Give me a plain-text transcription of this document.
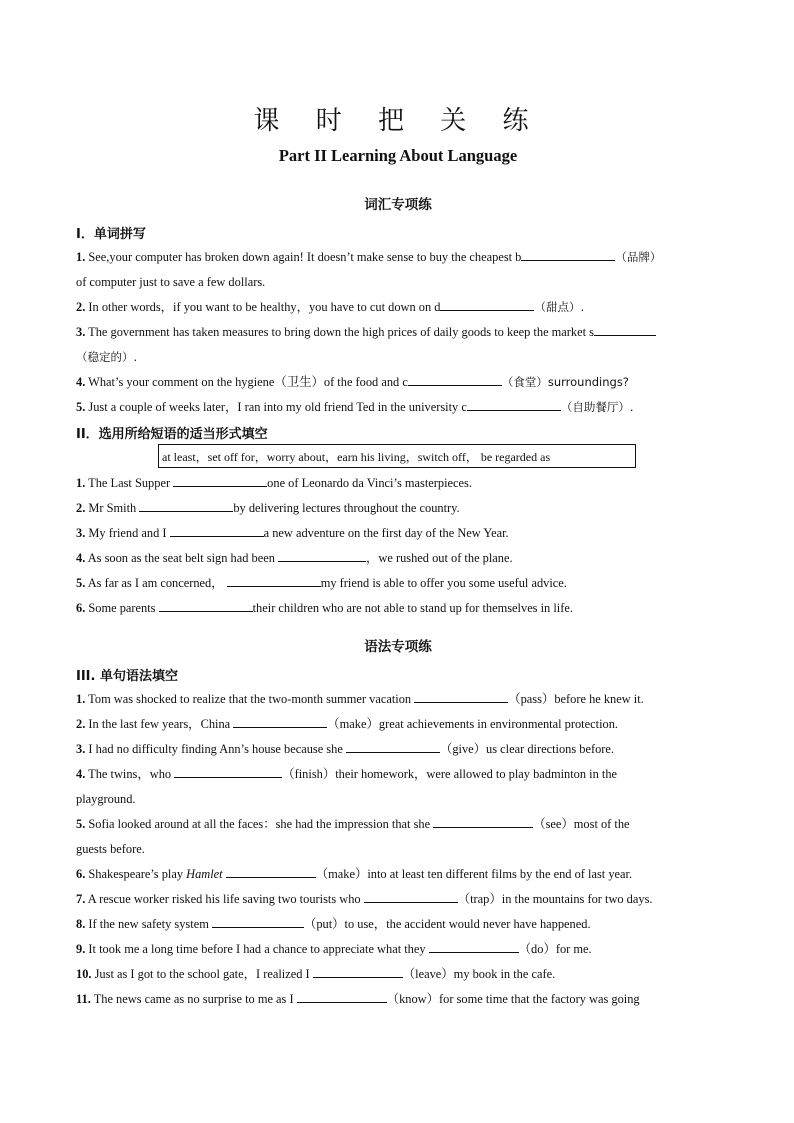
课 时 把 关 练
Part II Learning About Language
词汇专项练
I．单词拼写
1. See,your computer has broken down again! It doesn’t make sense to buy the cheapest b	（品牌）
of computer just to save a few dollars.
2. In other words，if you want to be healthy，you have to cut down on d	（甜点）.
3. The government has taken measures to bring down the high prices of daily goods to keep the market s
（稳定的）.
4. What’s your comment on the hygiene（卫生）of the food and c	（食堂）surroundings?
5. Just a couple of weeks later，I ran into my old friend Ted in the university c	（自助餐厅）.
II．选用所给短语的适当形式填空
at least，set off for，worry about，earn his living，switch off， be regarded as
1. The Last Supper	one of Leonardo da Vinci’s masterpieces.
2. Mr Smith	by delivering lectures throughout the country.
3. My friend and I	a new adventure on the first day of the New Year.
4. As soon as the seat belt sign had been	，we rushed out of the plane.
5. As far as I am concerned，	my friend is able to offer you some useful advice.
6. Some parents	their children who are not able to stand up for themselves in life.
语法专项练
III. 单句语法填空
1. Tom was shocked to realize that the two-month summer vacation	（pass）before he knew it.
2. In the last few years，China	（make）great achievements in environmental protection.
3. I had no difficulty finding Ann’s house because she	（give）us clear directions before.
4. The twins，who	（finish）their homework，were allowed to play badminton in the
playground.
5. Sofia looked around at all the faces：she had the impression that she	（see）most of the
guests before.
6. Shakespeare’s play Hamlet	（make）into at least ten different films by the end of last year.
7. A rescue worker risked his life saving two tourists who	（trap）in the mountains for two days.
8. If the new safety system	（put）to use，the accident would never have happened.
9. It took me a long time before I had a chance to appreciate what they	（do）for me.
10. Just as I got to the school gate，I realized I	（leave）my book in the cafe.
11. The news came as no surprise to me as I	（know）for some time that the factory was going
